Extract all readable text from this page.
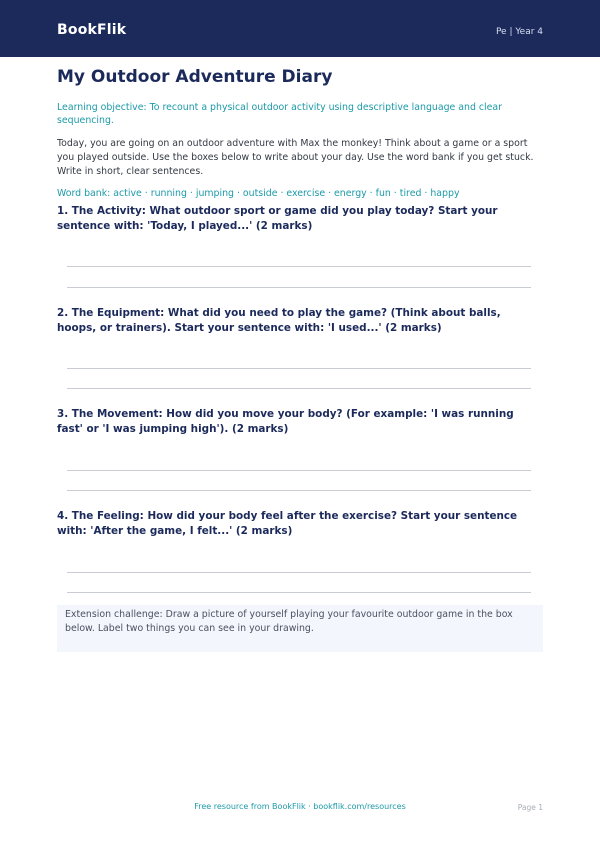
BookFlik	Pe | Year 4
My Outdoor Adventure Diary
Learning objective: To recount a physical outdoor activity using descriptive language and clear sequencing.
Today, you are going on an outdoor adventure with Max the monkey! Think about a game or a sport you played outside. Use the boxes below to write about your day. Use the word bank if you get stuck. Write in short, clear sentences.
Word bank: active · running · jumping · outside · exercise · energy · fun · tired · happy
1. The Activity: What outdoor sport or game did you play today? Start your sentence with: 'Today, I played...' (2 marks)
2. The Equipment: What did you need to play the game? (Think about balls, hoops, or trainers). Start your sentence with: 'I used...' (2 marks)
3. The Movement: How did you move your body? (For example: 'I was running fast' or 'I was jumping high'). (2 marks)
4. The Feeling: How did your body feel after the exercise? Start your sentence with: 'After the game, I felt...' (2 marks)
Extension challenge: Draw a picture of yourself playing your favourite outdoor game in the box below. Label two things you can see in your drawing.
Free resource from BookFlik · bookflik.com/resources	Page 1
